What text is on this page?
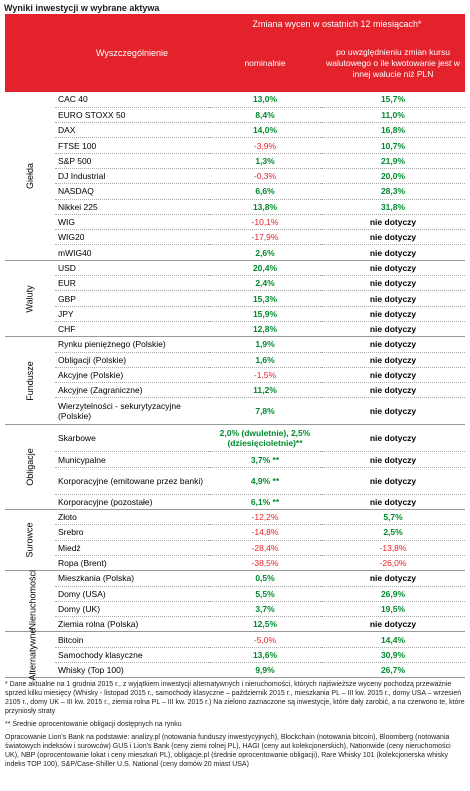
Wyniki inwestycji w wybrane aktywa
	Wyszczególnienie	Zmiana wycen w ostatnich 12 miesiącach*	
		nominalnie	po uwzględnieniu zmian kursu walutowego o ile kwotowanie jest w innej walucie niż PLN
Giełda	CAC 40	13,0%	15,7%
	EURO STOXX 50	8,4%	11,0%
	DAX	14,0%	16,8%
	FTSE 100	-3,9%	10,7%
	S&P 500	1,3%	21,9%
	DJ Industrial	-0,3%	20,0%
	NASDAQ	6,6%	28,3%
	Nikkei 225	13,8%	31,8%
	WIG	-10,1%	nie dotyczy
	WIG20	-17,9%	nie dotyczy
	mWIG40	2,6%	nie dotyczy
Waluty	USD	20,4%	nie dotyczy
	EUR	2,4%	nie dotyczy
	GBP	15,3%	nie dotyczy
	JPY	15,9%	nie dotyczy
	CHF	12,8%	nie dotyczy
Fundusze	Rynku pieniężnego (Polskie)	1,9%	nie dotyczy
	Obligacji (Polskie)	1,6%	nie dotyczy
	Akcyjne (Polskie)	-1,5%	nie dotyczy
	Akcyjne (Zagraniczne)	11,2%	nie dotyczy
	Wierzytelności - sekurytyzacyjne (Polskie)	7,8%	nie dotyczy
Obligacje	Skarbowe	2,0% (dwuletnie), 2,5% (dziesięcioletnie)**	nie dotyczy
	Municypalne	3,7% **	nie dotyczy
	Korporacyjne (emitowane przez banki)	4,9% **	nie dotyczy
	Korporacyjne (pozostałe)	6,1% **	nie dotyczy
Surowce	Złoto	-12,2%	5,7%
	Srebro	-14,8%	2,5%
	Miedź	-28,4%	-13,8%
	Ropa (Brent)	-38,5%	-26,0%
Nieruchomości	Mieszkania (Polska)	0,5%	nie dotyczy
	Domy (USA)	5,5%	26,9%
	Domy (UK)	3,7%	19,5%
	Ziemia rolna (Polska)	12,5%	nie dotyczy
Alternatywne	Bitcoin	-5,0%	14,4%
	Samochody klasyczne	13,6%	30,9%
	Whisky (Top 100)	9,9%	26,7%

* Dane aktualne na 1 grudnia 2015 r., z wyjątkiem inwestycji alternatywnych i nieruchomości, których najświeższe wyceny pochodzą przeważnie sprzed kilku miesięcy (Whisky - listopad 2015 r., samochody klasyczne – październik 2015 r., mieszkania PL – III kw. 2015 r., domy USA – wrzesień 2105 r., domy UK – III kw. 2015 r., ziemia rolna PL – III kw. 2015 r.) Na zielono zaznaczone są inwestycje, które dały zarobić, a na czerwono te, które przyniosły straty

** Średnie oprocentowanie obligacji dostępnych na rynku

Opracowanie Lion's Bank na podstawie: analizy.pl (notowania funduszy inwestycyjnych), Blockchain (notowania bitcoin), Bloomberg (notowania światowych indeksów i surowców) GUS i Lion's Bank (ceny ziemi rolnej PL), HAGI (ceny aut kolekcjonerskich), Nationwide (ceny nieruchomości UK), NBP (oprocentowanie lokat i ceny mieszkań PL), obligacje.pl (średnie oprocentowanie obligacji), Rare Whisky 101 (kolekcjonerska whisky indeks TOP 100), S&P/Case-Shiller U.S. National (ceny domów 20 miast USA)
